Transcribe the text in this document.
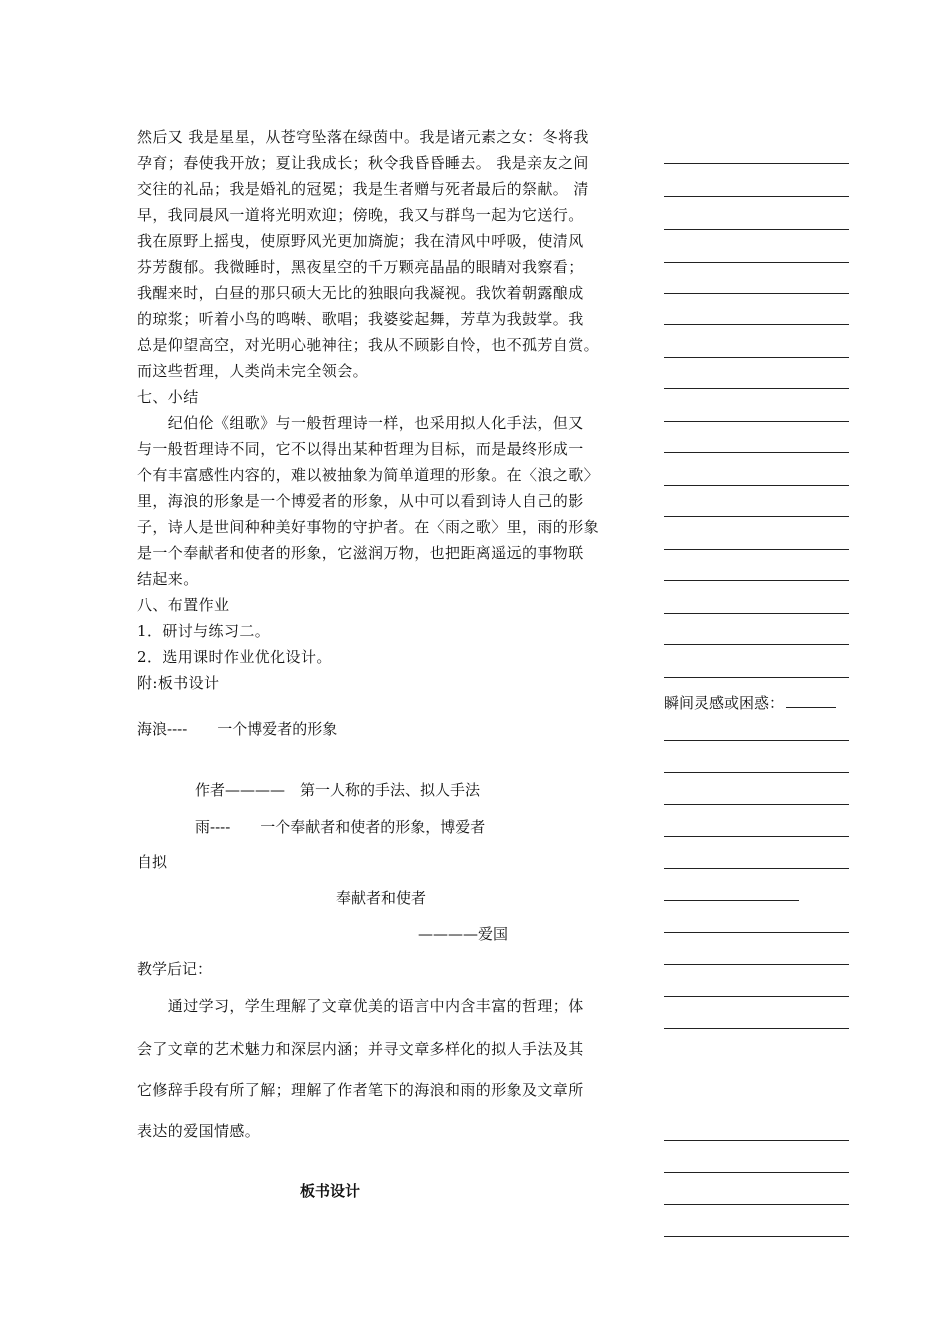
然后又 我是星星，从苍穹坠落在绿茵中。我是诸元素之女：冬将我
孕育；春使我开放；夏让我成长；秋令我昏昏睡去。 我是亲友之间
交往的礼品；我是婚礼的冠冕；我是生者赠与死者最后的祭献。 清
早，我同晨风一道将光明欢迎；傍晚，我又与群鸟一起为它送行。
我在原野上摇曳，使原野风光更加旖旎；我在清风中呼吸，使清风
芬芳馥郁。我微睡时，黑夜星空的千万颗亮晶晶的眼睛对我察看；
我醒来时，白昼的那只硕大无比的独眼向我凝视。我饮着朝露酿成
的琼浆；听着小鸟的鸣啭、歌唱；我婆娑起舞，芳草为我鼓掌。我
总是仰望高空，对光明心驰神往；我从不顾影自怜，也不孤芳自赏。
而这些哲理，人类尚未完全领会。
七、小结
　　纪伯伦《组歌》与一般哲理诗一样，也采用拟人化手法，但又
与一般哲理诗不同，它不以得出某种哲理为目标，而是最终形成一
个有丰富感性内容的，难以被抽象为简单道理的形象。在〈浪之歌〉
里，海浪的形象是一个博爱者的形象，从中可以看到诗人自己的影
子，诗人是世间种种美好事物的守护者。在〈雨之歌〉里，雨的形象
是一个奉献者和使者的形象，它滋润万物，也把距离遥远的事物联
结起来。
八、布置作业
1．研讨与练习二。
2．选用课时作业优化设计。
附:板书设计
海浪----　　一个博爱者的形象
作者————　第一人称的手法、拟人手法
雨----　　一个奉献者和使者的形象，博爱者
自拟
奉献者和使者
————爱国
教学后记：
　　通过学习，学生理解了文章优美的语言中内含丰富的哲理；体
会了文章的艺术魅力和深层内涵；并寻文章多样化的拟人手法及其
它修辞手段有所了解；理解了作者笔下的海浪和雨的形象及文章所
表达的爱国情感。
板书设计
瞬间灵感或困惑：
